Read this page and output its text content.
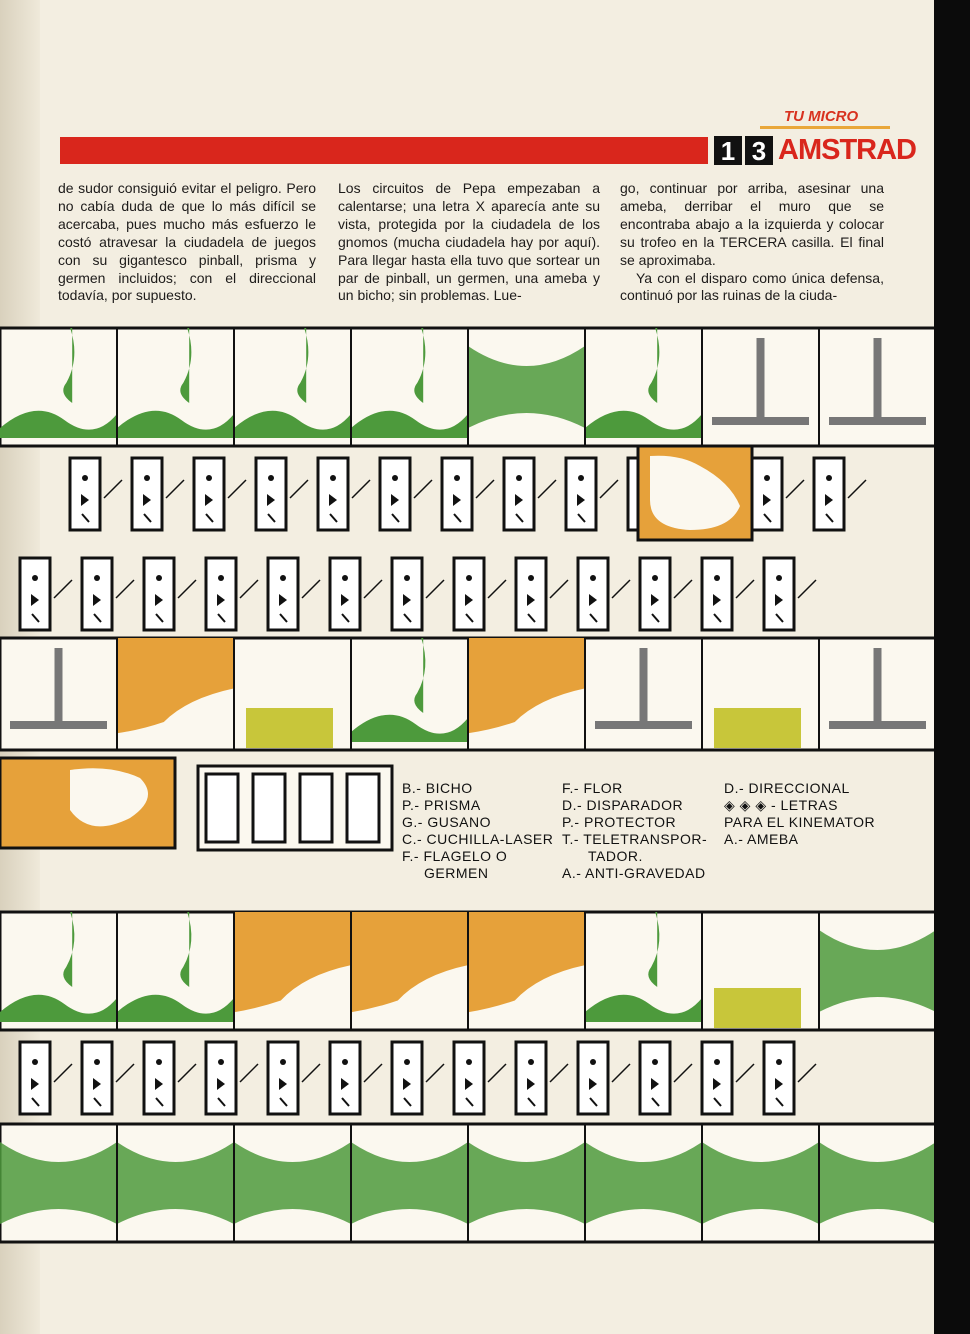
TU MICRO
1 3 AMSTRAD

de sudor consiguió evitar el peligro. Pero no cabía duda de que lo más difícil se acercaba, pues mucho más esfuerzo le costó atravesar la ciudadela de juegos con su gigantesco pinball, prisma y germen incluidos; con el direccional todavía, por supuesto.

Los circuitos de Pepa empezaban a calentarse; una letra X aparecía ante su vista, protegida por la ciudadela de los gnomos (mucha ciudadela hay por aquí). Para llegar hasta ella tuvo que sortear un par de pinball, un germen, una ameba y un bicho; sin problemas. Lue-

go, continuar por arriba, asesinar una ameba, derribar el muro que se encontraba abajo a la izquierda y colocar su trofeo en la TERCERA casilla. El final se aproximaba.

Ya con el disparo como única defensa, continuó por las ruinas de la ciuda-

B.- BICHO
P.- PRISMA
G.- GUSANO
C.- CUCHILLA-LASER
F.- FLAGELO O
GERMEN
F.- FLOR
D.- DISPARADOR
P.- PROTECTOR
T.- TELETRANSPOR-
TADOR.
A.- ANTI-GRAVEDAD
D.- DIRECCIONAL
◈ ◈ ◈ - LETRAS
PARA EL KINEMATOR
A.- AMEBA
